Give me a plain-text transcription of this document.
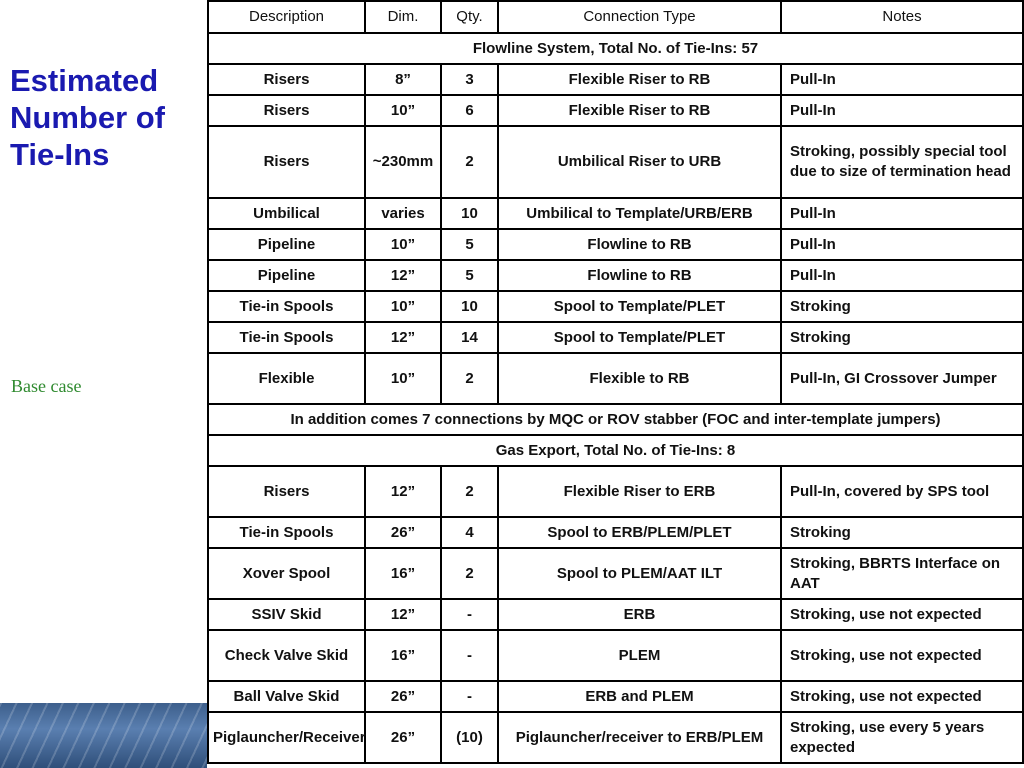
Estimated Number of Tie-Ins
Base case
Description	Dim.	Qty.	Connection Type	Notes
Flowline System, Total No. of Tie-Ins: 57				
Risers	8”	3	Flexible Riser to RB	Pull-In
Risers	10”	6	Flexible Riser to RB	Pull-In
Risers	~230mm	2	Umbilical Riser to URB	Stroking, possibly special tool due to size of termination head
Umbilical	varies	10	Umbilical to Template/URB/ERB	Pull-In
Pipeline	10”	5	Flowline to RB	Pull-In
Pipeline	12”	5	Flowline to RB	Pull-In
Tie-in Spools	10”	10	Spool to Template/PLET	Stroking
Tie-in Spools	12”	14	Spool to Template/PLET	Stroking
Flexible	10”	2	Flexible to RB	Pull-In, GI Crossover Jumper
In addition comes 7 connections by MQC or ROV stabber (FOC and inter-template jumpers)				
Gas Export, Total No. of Tie-Ins: 8				
Risers	12”	2	Flexible Riser to ERB	Pull-In, covered by SPS tool
Tie-in Spools	26”	4	Spool to ERB/PLEM/PLET	Stroking
Xover Spool	16”	2	Spool to PLEM/AAT ILT	Stroking, BBRTS Interface on AAT
SSIV Skid	12”	-	ERB	Stroking, use not expected
Check Valve Skid	16”	-	PLEM	Stroking, use not expected
Ball Valve Skid	26”	-	ERB and PLEM	Stroking, use not expected
Piglauncher/Receiver	26”	(10)	Piglauncher/receiver to ERB/PLEM	Stroking, use every 5 years expected
